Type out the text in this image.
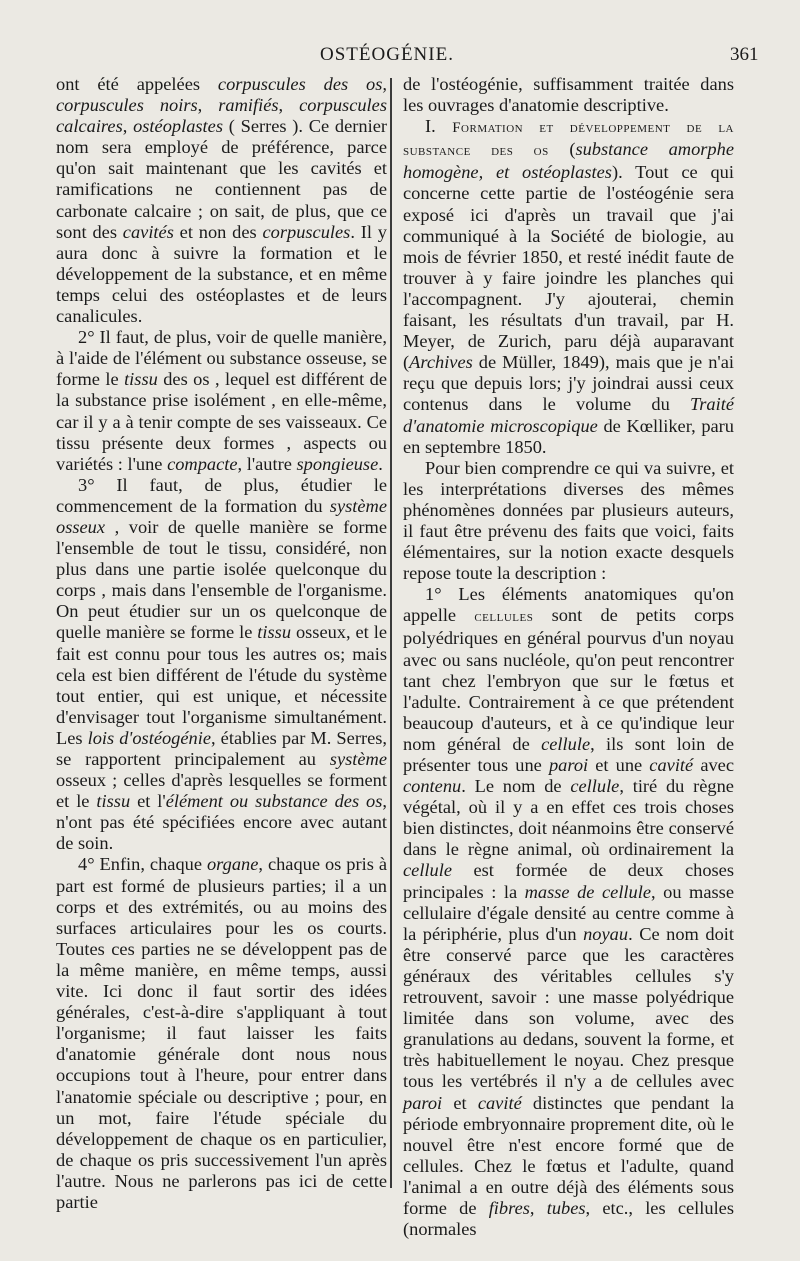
OSTÉOGÉNIE.	361

ont été appelées corpuscules des os, corpuscules noirs, ramifiés, corpuscules calcaires, ostéoplastes ( Serres ). Ce dernier nom sera employé de préférence, parce qu'on sait maintenant que les cavités et ramifications ne contiennent pas de carbonate calcaire ; on sait, de plus, que ce sont des cavités et non des corpuscules. Il y aura donc à suivre la formation et le développement de la substance, et en même temps celui des ostéoplastes et de leurs canalicules.

2° Il faut, de plus, voir de quelle manière, à l'aide de l'élément ou substance osseuse, se forme le tissu des os , lequel est différent de la substance prise isolément , en elle-même, car il y a à tenir compte de ses vaisseaux. Ce tissu présente deux formes , aspects ou variétés : l'une compacte, l'autre spongieuse.

3° Il faut, de plus, étudier le commencement de la formation du système osseux , voir de quelle manière se forme l'ensemble de tout le tissu, considéré, non plus dans une partie isolée quelconque du corps , mais dans l'ensemble de l'organisme. On peut étudier sur un os quelconque de quelle manière se forme le tissu osseux, et le fait est connu pour tous les autres os; mais cela est bien différent de l'étude du système tout entier, qui est unique, et nécessite d'envisager tout l'organisme simultanément. Les lois d'ostéogénie, établies par M. Serres, se rapportent principalement au système osseux ; celles d'après lesquelles se forment et le tissu et l'élément ou substance des os, n'ont pas été spécifiées encore avec autant de soin.

4° Enfin, chaque organe, chaque os pris à part est formé de plusieurs parties; il a un corps et des extrémités, ou au moins des surfaces articulaires pour les os courts. Toutes ces parties ne se développent pas de la même manière, en même temps, aussi vite. Ici donc il faut sortir des idées générales, c'est-à-dire s'appliquant à tout l'organisme; il faut laisser les faits d'anatomie générale dont nous nous occupions tout à l'heure, pour entrer dans l'anatomie spéciale ou descriptive ; pour, en un mot, faire l'étude spéciale du développement de chaque os en particulier, de chaque os pris successivement l'un après l'autre. Nous ne parlerons pas ici de cette partie

de l'ostéogénie, suffisamment traitée dans les ouvrages d'anatomie descriptive.

I. Formation et développement de la substance des os (substance amorphe homogène, et ostéoplastes). Tout ce qui concerne cette partie de l'ostéogénie sera exposé ici d'après un travail que j'ai communiqué à la Société de biologie, au mois de février 1850, et resté inédit faute de trouver à y faire joindre les planches qui l'accompagnent. J'y ajouterai, chemin faisant, les résultats d'un travail, par H. Meyer, de Zurich, paru déjà auparavant (Archives de Müller, 1849), mais que je n'ai reçu que depuis lors; j'y joindrai aussi ceux contenus dans le volume du Traité d'anatomie microscopique de Kœlliker, paru en septembre 1850.

Pour bien comprendre ce qui va suivre, et les interprétations diverses des mêmes phénomènes données par plusieurs auteurs, il faut être prévenu des faits que voici, faits élémentaires, sur la notion exacte desquels repose toute la description :

1° Les éléments anatomiques qu'on appelle cellules sont de petits corps polyédriques en général pourvus d'un noyau avec ou sans nucléole, qu'on peut rencontrer tant chez l'embryon que sur le fœtus et l'adulte. Contrairement à ce que prétendent beaucoup d'auteurs, et à ce qu'indique leur nom général de cellule, ils sont loin de présenter tous une paroi et une cavité avec contenu. Le nom de cellule, tiré du règne végétal, où il y a en effet ces trois choses bien distinctes, doit néanmoins être conservé dans le règne animal, où ordinairement la cellule est formée de deux choses principales : la masse de cellule, ou masse cellulaire d'égale densité au centre comme à la périphérie, plus d'un noyau. Ce nom doit être conservé parce que les caractères généraux des véritables cellules s'y retrouvent, savoir : une masse polyédrique limitée dans son volume, avec des granulations au dedans, souvent la forme, et très habituellement le noyau. Chez presque tous les vertébrés il n'y a de cellules avec paroi et cavité distinctes que pendant la période embryonnaire proprement dite, où le nouvel être n'est encore formé que de cellules. Chez le fœtus et l'adulte, quand l'animal a en outre déjà des éléments sous forme de fibres, tubes, etc., les cellules (normales
